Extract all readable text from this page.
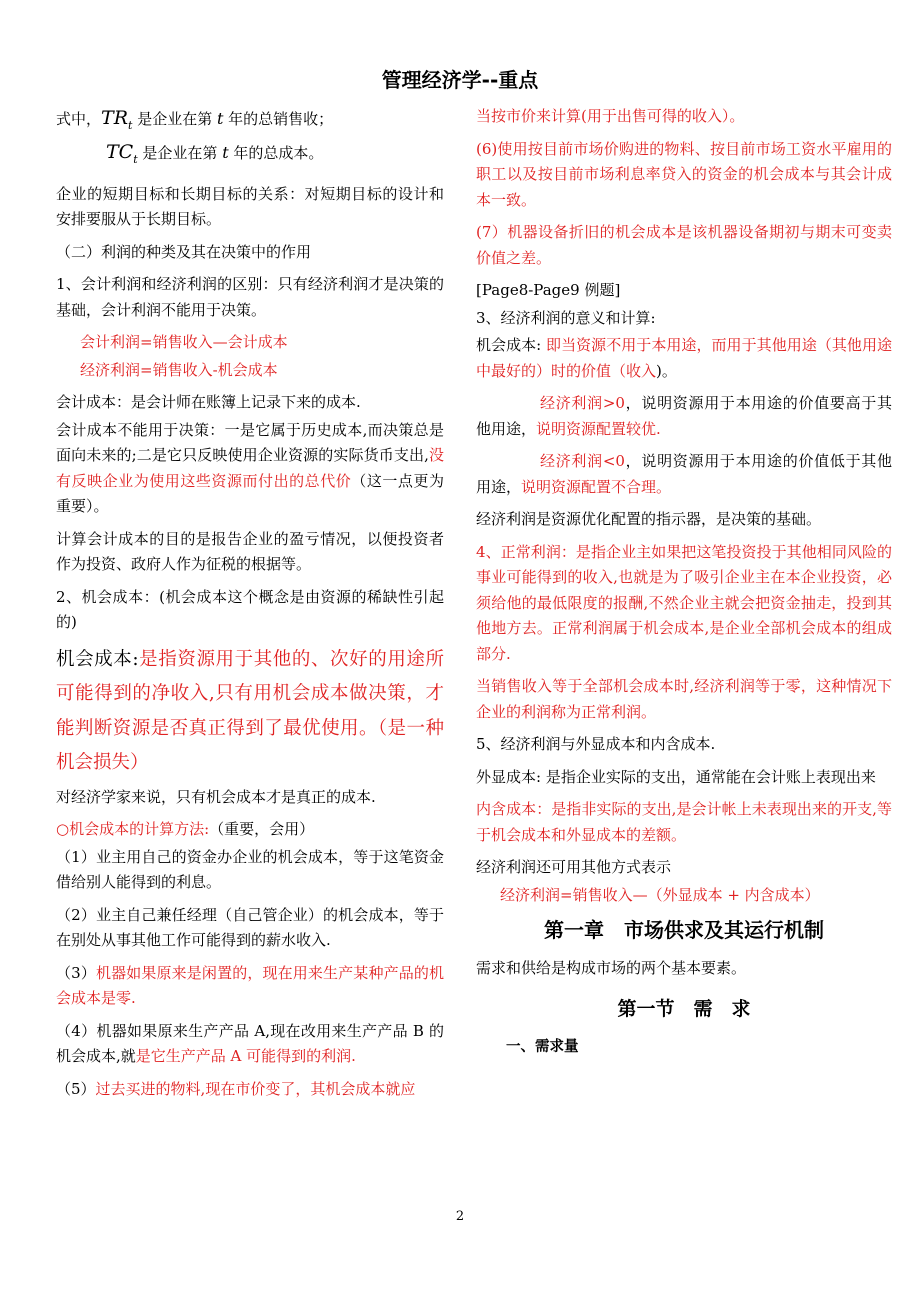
管理经济学--重点
式中，$TR_t$ 是企业在第 t 年的总销售收；
$TC_t$ 是企业在第 t 年的总成本。
企业的短期目标和长期目标的关系：对短期目标的设计和安排要服从于长期目标。
（二）利润的种类及其在决策中的作用
1、会计利润和经济利润的区别：只有经济利润才是决策的基础，会计利润不能用于决策。
会计利润=销售收入—会计成本
经济利润=销售收入-机会成本
会计成本：是会计师在账簿上记录下来的成本.
会计成本不能用于决策：一是它属于历史成本,而决策总是面向未来的;二是它只反映使用企业资源的实际货币支出,没有反映企业为使用这些资源而付出的总代价（这一点更为重要）。
计算会计成本的目的是报告企业的盈亏情况，以便投资者作为投资、政府人作为征税的根据等。
2、机会成本：(机会成本这个概念是由资源的稀缺性引起的)
机会成本:是指资源用于其他的、次好的用途所可能得到的净收入,只有用机会成本做决策，才能判断资源是否真正得到了最优使用。（是一种机会损失）
对经济学家来说，只有机会成本才是真正的成本.
○机会成本的计算方法:（重要，会用）
（1）业主用自己的资金办企业的机会成本，等于这笔资金借给别人能得到的利息。
（2）业主自己兼任经理（自己管企业）的机会成本，等于在别处从事其他工作可能得到的薪水收入.
（3）机器如果原来是闲置的，现在用来生产某种产品的机会成本是零.
（4）机器如果原来生产产品 A,现在改用来生产产品 B 的机会成本,就是它生产产品 A 可能得到的利润.
（5）过去买进的物料,现在市价变了，其机会成本就应
当按市价来计算(用于出售可得的收入）。
(6)使用按目前市场价购进的物料、按目前市场工资水平雇用的职工以及按目前市场利息率贷入的资金的机会成本与其会计成本一致。
(7）机器设备折旧的机会成本是该机器设备期初与期末可变卖价值之差。
[Page8-Page9 例题]
3、经济利润的意义和计算:
机会成本: 即当资源不用于本用途，而用于其他用途（其他用途中最好的）时的价值（收入)。
经济利润>0，说明资源用于本用途的价值要高于其他用途，说明资源配置较优.
经济利润<0，说明资源用于本用途的价值低于其他用途，说明资源配置不合理。
经济利润是资源优化配置的指示器，是决策的基础。
4、正常利润：是指企业主如果把这笔投资投于其他相同风险的事业可能得到的收入,也就是为了吸引企业主在本企业投资，必须给他的最低限度的报酬,不然企业主就会把资金抽走，投到其他地方去。正常利润属于机会成本,是企业全部机会成本的组成部分.
当销售收入等于全部机会成本时,经济利润等于零，这种情况下企业的利润称为正常利润。
5、经济利润与外显成本和内含成本.
外显成本: 是指企业实际的支出，通常能在会计账上表现出来
内含成本：是指非实际的支出,是会计帐上未表现出来的开支,等于机会成本和外显成本的差额。
经济利润还可用其他方式表示
经济利润=销售收入—（外显成本 + 内含成本）
第一章　市场供求及其运行机制
需求和供给是构成市场的两个基本要素。
第一节　需　求
一、需求量
2
